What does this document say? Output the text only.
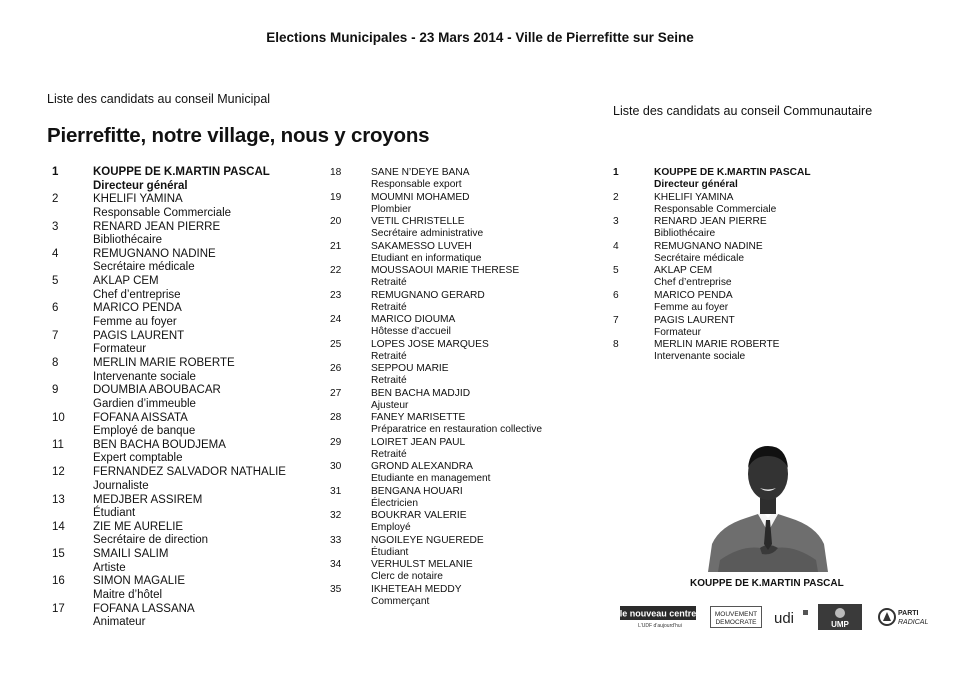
Elections Municipales - 23 Mars 2014 - Ville de Pierrefitte sur Seine
Liste des candidats au conseil Municipal
Liste des candidats au conseil Communautaire
Pierrefitte, notre village, nous y croyons
1	KOUPPE DE K.MARTIN PASCAL
Directeur général
2	KHELIFI YAMINA
Responsable Commerciale
3	RENARD JEAN PIERRE
Bibliothécaire
4	REMUGNANO NADINE
Secrétaire médicale
5	AKLAP CEM
Chef d’entreprise
6	MARICO PENDA
Femme au foyer
7	PAGIS LAURENT
Formateur
8	MERLIN MARIE ROBERTE
Intervenante sociale
9	DOUMBIA ABOUBACAR
Gardien d’immeuble
10 FOFANA AISSATA
Employé de banque
11	BEN BACHA BOUDJEMA
Expert comptable
12 FERNANDEZ SALVADOR NATHALIE
Journaliste
13 MEDJBER ASSIREM
Étudiant
14 ZIE ME AURELIE
Secrétaire de direction
15 SMAILI SALIM
Artiste
16 SIMON MAGALIE
Maitre d’hôtel
17 FOFANA LASSANA
Animateur
18	SANE N’DEYE BANA
Responsable export
19	MOUMNI MOHAMED
Plombier
20	VETIL CHRISTELLE
Secrétaire administrative
21	SAKAMESSO LUVEH
Etudiant en informatique
22	MOUSSAOUI MARIE THERESE
Retraité
23	REMUGNANO GERARD
Retraité
24	MARICO DIOUMA
Hôtesse d’accueil
25	LOPES JOSE MARQUES
Retraité
26	SEPPOU MARIE
Retraité
27	BEN BACHA MADJID
Ajusteur
28	FANEY MARISETTE
Préparatrice en restauration collective
29	LOIRET JEAN PAUL
Retraité
30	GROND ALEXANDRA
Etudiante en management
31	BENGANA HOUARI
Électricien
32	BOUKRAR VALERIE
Employé
33	NGOILEYE NGUEREDE
Étudiant
34	VERHULST MELANIE
Clerc de notaire
35	IKHETEAH MEDDY
Commerçant
1	KOUPPE DE K.MARTIN PASCAL
Directeur général
2	KHELIFI YAMINA
Responsable Commerciale
3	RENARD JEAN PIERRE
Bibliothécaire
4	REMUGNANO NADINE
Secrétaire médicale
5	AKLAP CEM
Chef d’entreprise
6	MARICO PENDA
Femme au foyer
7	PAGIS LAURENT
Formateur
8	MERLIN MARIE ROBERTE
Intervenante sociale
KOUPPE DE K.MARTIN PASCAL
le nouveau centre
L’UDF d’aujourd’hui
MOUVEMENT
DEMOCRATE udi	UMP
PARTI
RADICAL
